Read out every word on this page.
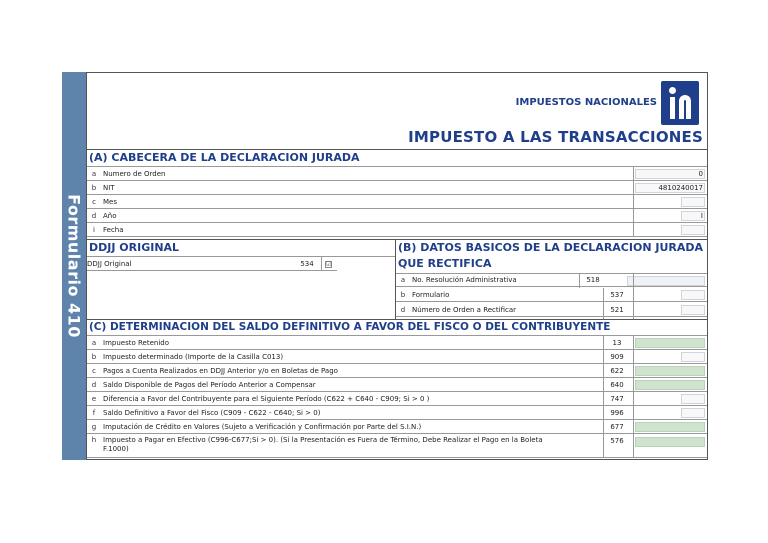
Formulario 410
IMPUESTOS NACIONALES
IMPUESTO A LAS TRANSACCIONES
(A) CABECERA DE LA DECLARACION JURADA
a Numero de Orden	0
b NIT	4810240017
c	Mes
d Año	I
i	Fecha
DDJJ ORIGINAL
DDJJ Original	534	☑
(B) DATOS BASICOS DE LA DECLARACION JURADA
QUE RECTIFICA
a No. Resolución Administrativa	518
b Formulario	537
d Número de Orden a Rectificar	521
(C) DETERMINACION DEL SALDO DEFINITIVO A FAVOR DEL FISCO O DEL CONTRIBUYENTE
a Impuesto Retenido	13
b Impuesto determinado (Importe de la Casilla C013)	909
c	Pagos a Cuenta Realizados en DDJJ Anterior y/o en Boletas de Pago	622
d Saldo Disponible de Pagos del Período Anterior a Compensar	640
e Diferencia a Favor del Contribuyente para el Siguiente Período (C622 + C640 - C909; Si > 0 )	747
f	Saldo Definitivo a Favor del Fisco (C909 - C622 - C640; Si > 0)	996
g Imputación de Crédito en Valores (Sujeto a Verificación y Confirmación por Parte del S.I.N.)	677
h Impuesto a Pagar en Efectivo (C996-C677;Si > 0). (Si la Presentación es Fuera de Término, Debe Realizar el Pago en la Boleta
F.1000)
576
